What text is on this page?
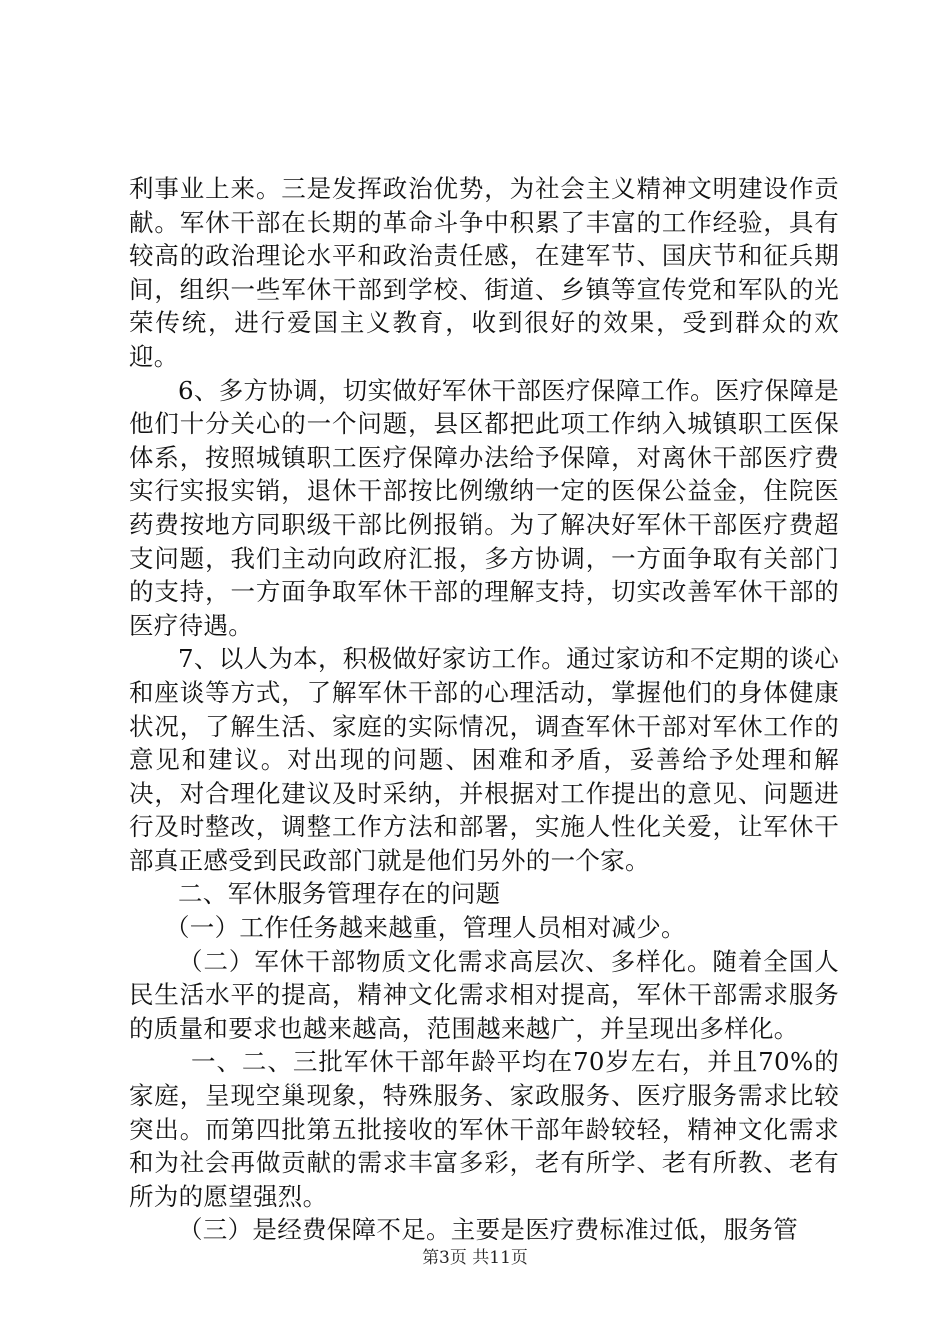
利事业上来。三是发挥政治优势，为社会主义精神文明建设作贡献。军休干部在长期的革命斗争中积累了丰富的工作经验，具有较高的政治理论水平和政治责任感，在建军节、国庆节和征兵期间，组织一些军休干部到学校、街道、乡镇等宣传党和军队的光荣传统，进行爱国主义教育，收到很好的效果，受到群众的欢迎。

6、多方协调，切实做好军休干部医疗保障工作。医疗保障是他们十分关心的一个问题，县区都把此项工作纳入城镇职工医保体系，按照城镇职工医疗保障办法给予保障，对离休干部医疗费实行实报实销，退休干部按比例缴纳一定的医保公益金，住院医药费按地方同职级干部比例报销。为了解决好军休干部医疗费超支问题，我们主动向政府汇报，多方协调，一方面争取有关部门的支持，一方面争取军休干部的理解支持，切实改善军休干部的医疗待遇。

7、以人为本，积极做好家访工作。通过家访和不定期的谈心和座谈等方式，了解军休干部的心理活动，掌握他们的身体健康状况，了解生活、家庭的实际情况，调查军休干部对军休工作的意见和建议。对出现的问题、困难和矛盾，妥善给予处理和解决，对合理化建议及时采纳，并根据对工作提出的意见、问题进行及时整改，调整工作方法和部署，实施人性化关爱，让军休干部真正感受到民政部门就是他们另外的一个家。

二、军休服务管理存在的问题

（一）工作任务越来越重，管理人员相对减少。

（二）军休干部物质文化需求高层次、多样化。随着全国人民生活水平的提高，精神文化需求相对提高，军休干部需求服务的质量和要求也越来越高，范围越来越广，并呈现出多样化。

一、二、三批军休干部年龄平均在70岁左右，并且70%的家庭，呈现空巢现象，特殊服务、家政服务、医疗服务需求比较突出。而第四批第五批接收的军休干部年龄较轻，精神文化需求和为社会再做贡献的需求丰富多彩，老有所学、老有所教、老有所为的愿望强烈。

（三）是经费保障不足。主要是医疗费标准过低，服务管

第3页 共11页
